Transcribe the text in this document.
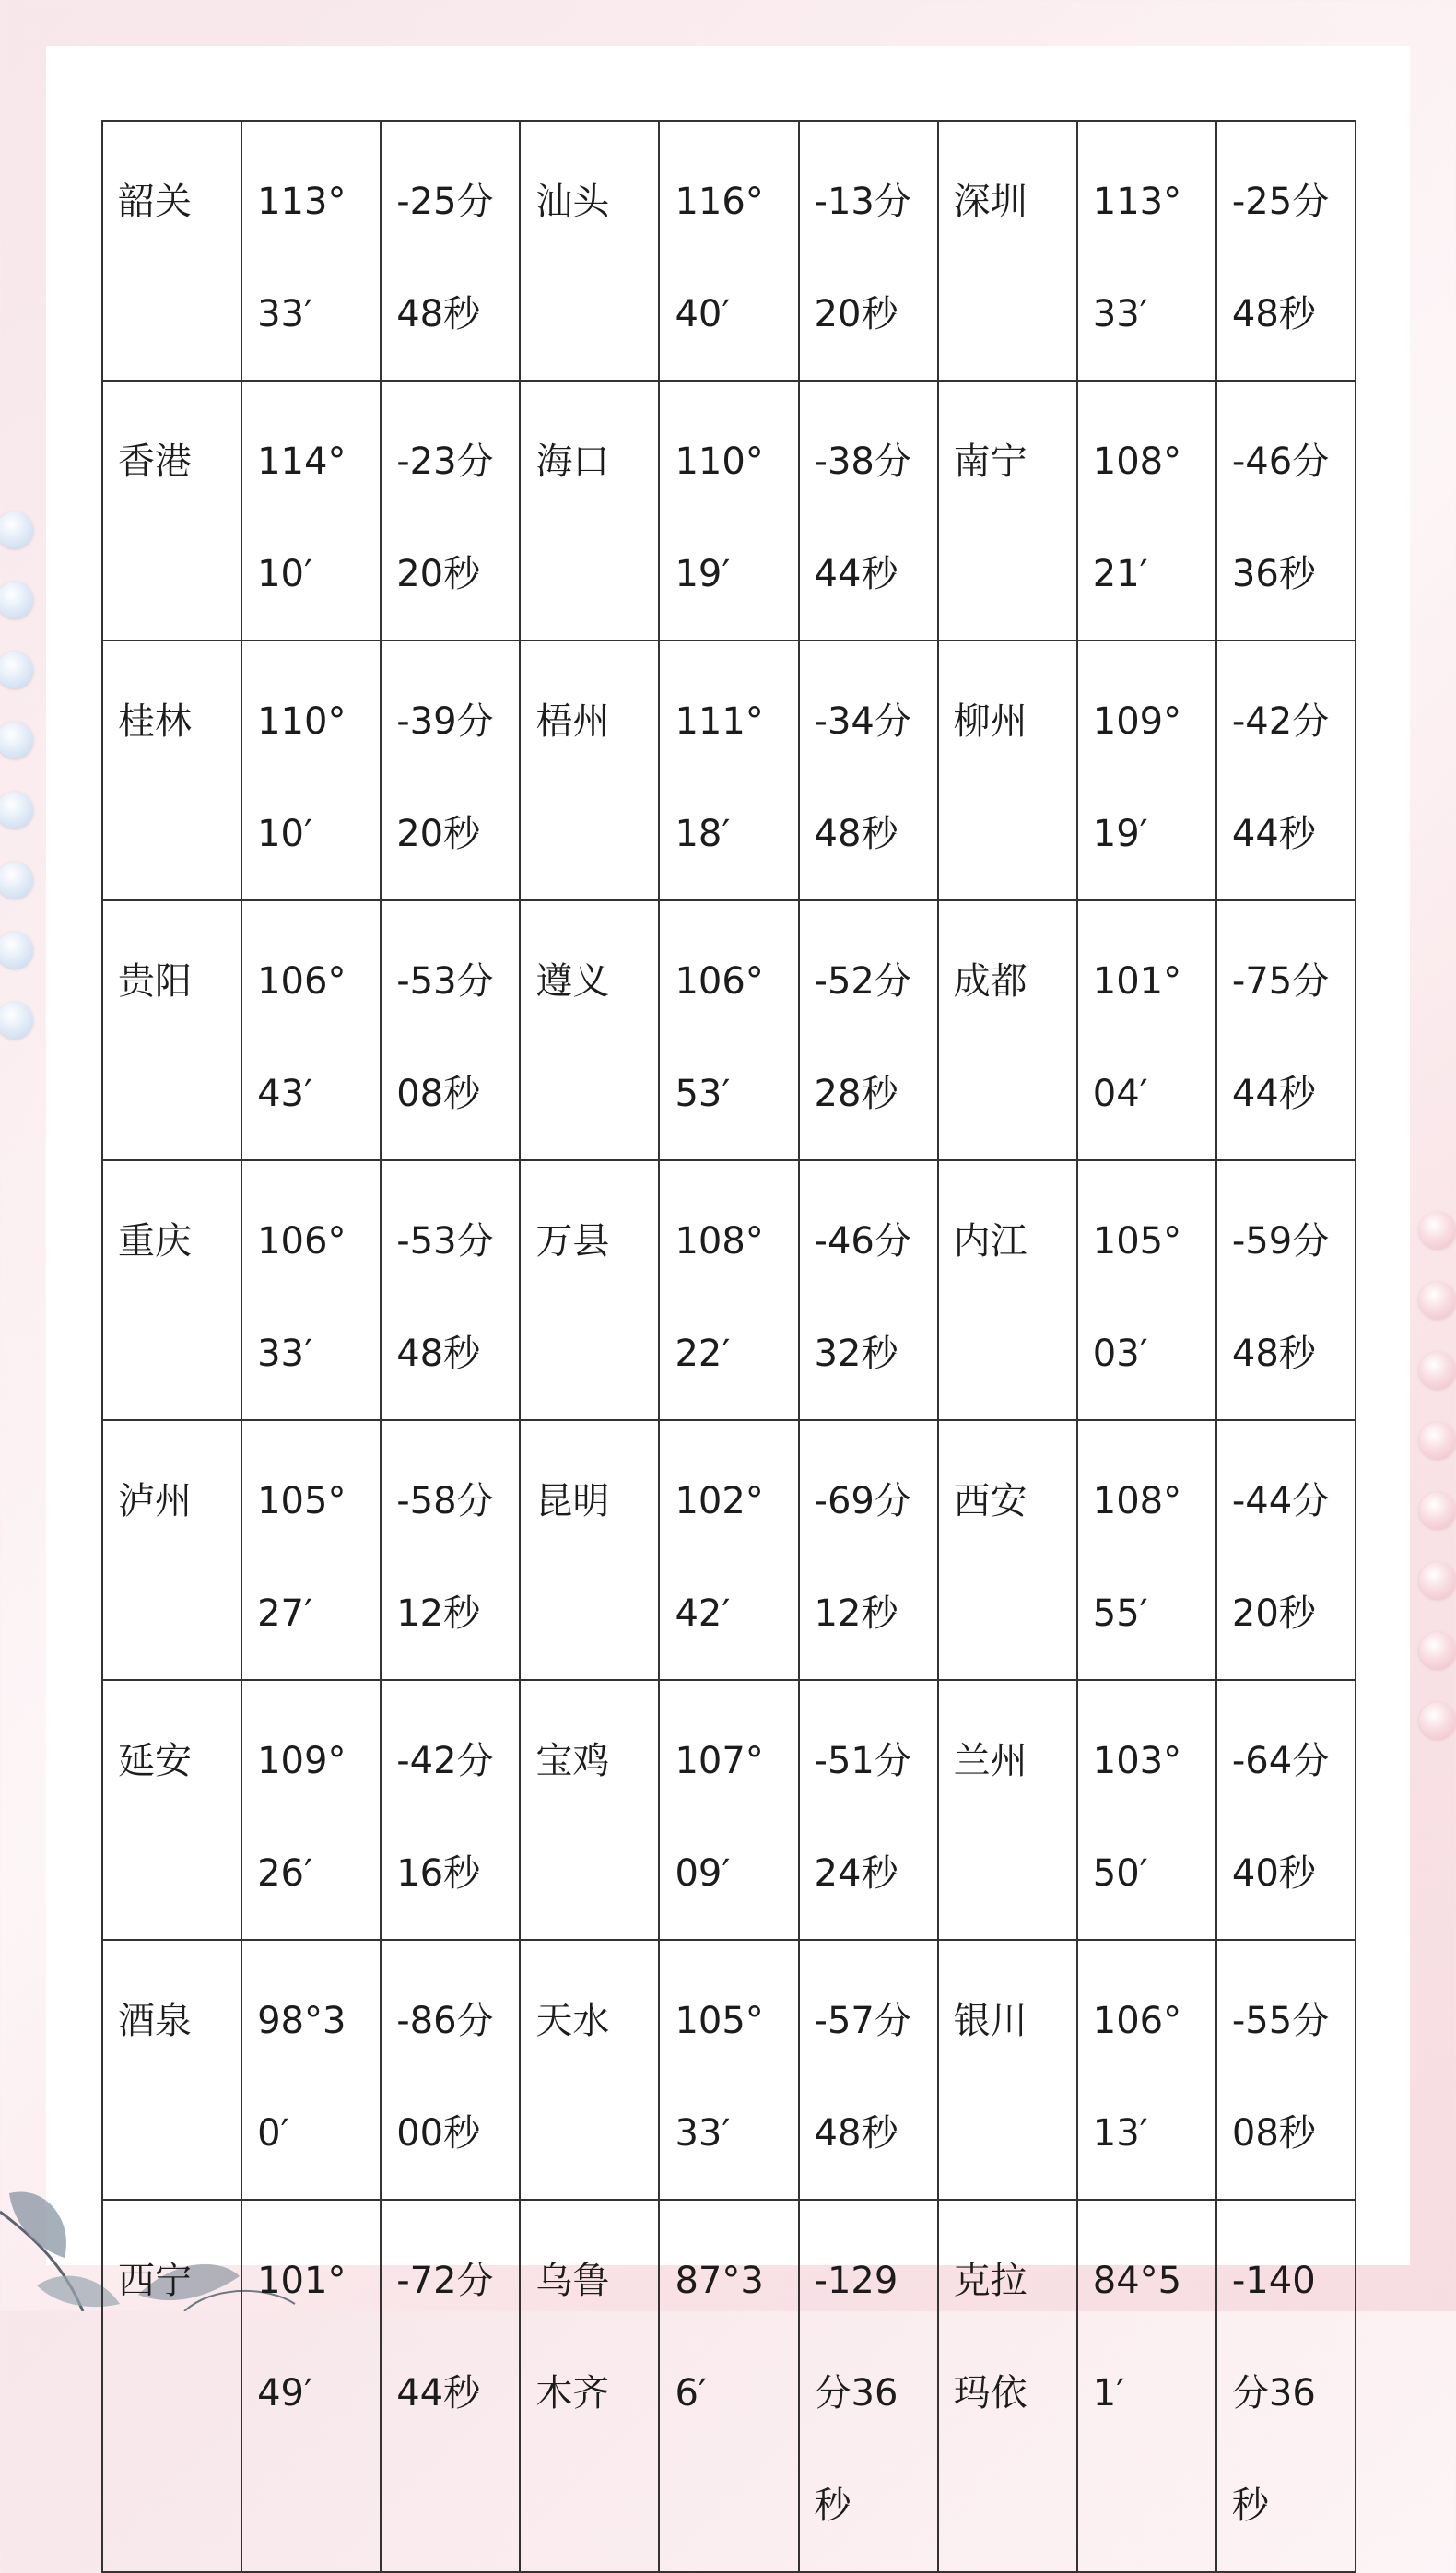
韶关	113°33′	-25分48秒	汕头	116°40′	-13分20秒	深圳	113°33′	-25分48秒
香港	114°10′	-23分20秒	海口	110°19′	-38分44秒	南宁	108°21′	-46分36秒
桂林	110°10′	-39分20秒	梧州	111°18′	-34分48秒	柳州	109°19′	-42分44秒
贵阳	106°43′	-53分08秒	遵义	106°53′	-52分28秒	成都	101°04′	-75分44秒
重庆	106°33′	-53分48秒	万县	108°22′	-46分32秒	内江	105°03′	-59分48秒
泸州	105°27′	-58分12秒	昆明	102°42′	-69分12秒	西安	108°55′	-44分20秒
延安	109°26′	-42分16秒	宝鸡	107°09′	-51分24秒	兰州	103°50′	-64分40秒
酒泉	98°30′	-86分00秒	天水	105°33′	-57分48秒	银川	106°13′	-55分08秒
西宁	101°49′	-72分44秒	乌鲁木齐	87°36′	-129分36秒	克拉玛依	84°51′	-140分36秒
